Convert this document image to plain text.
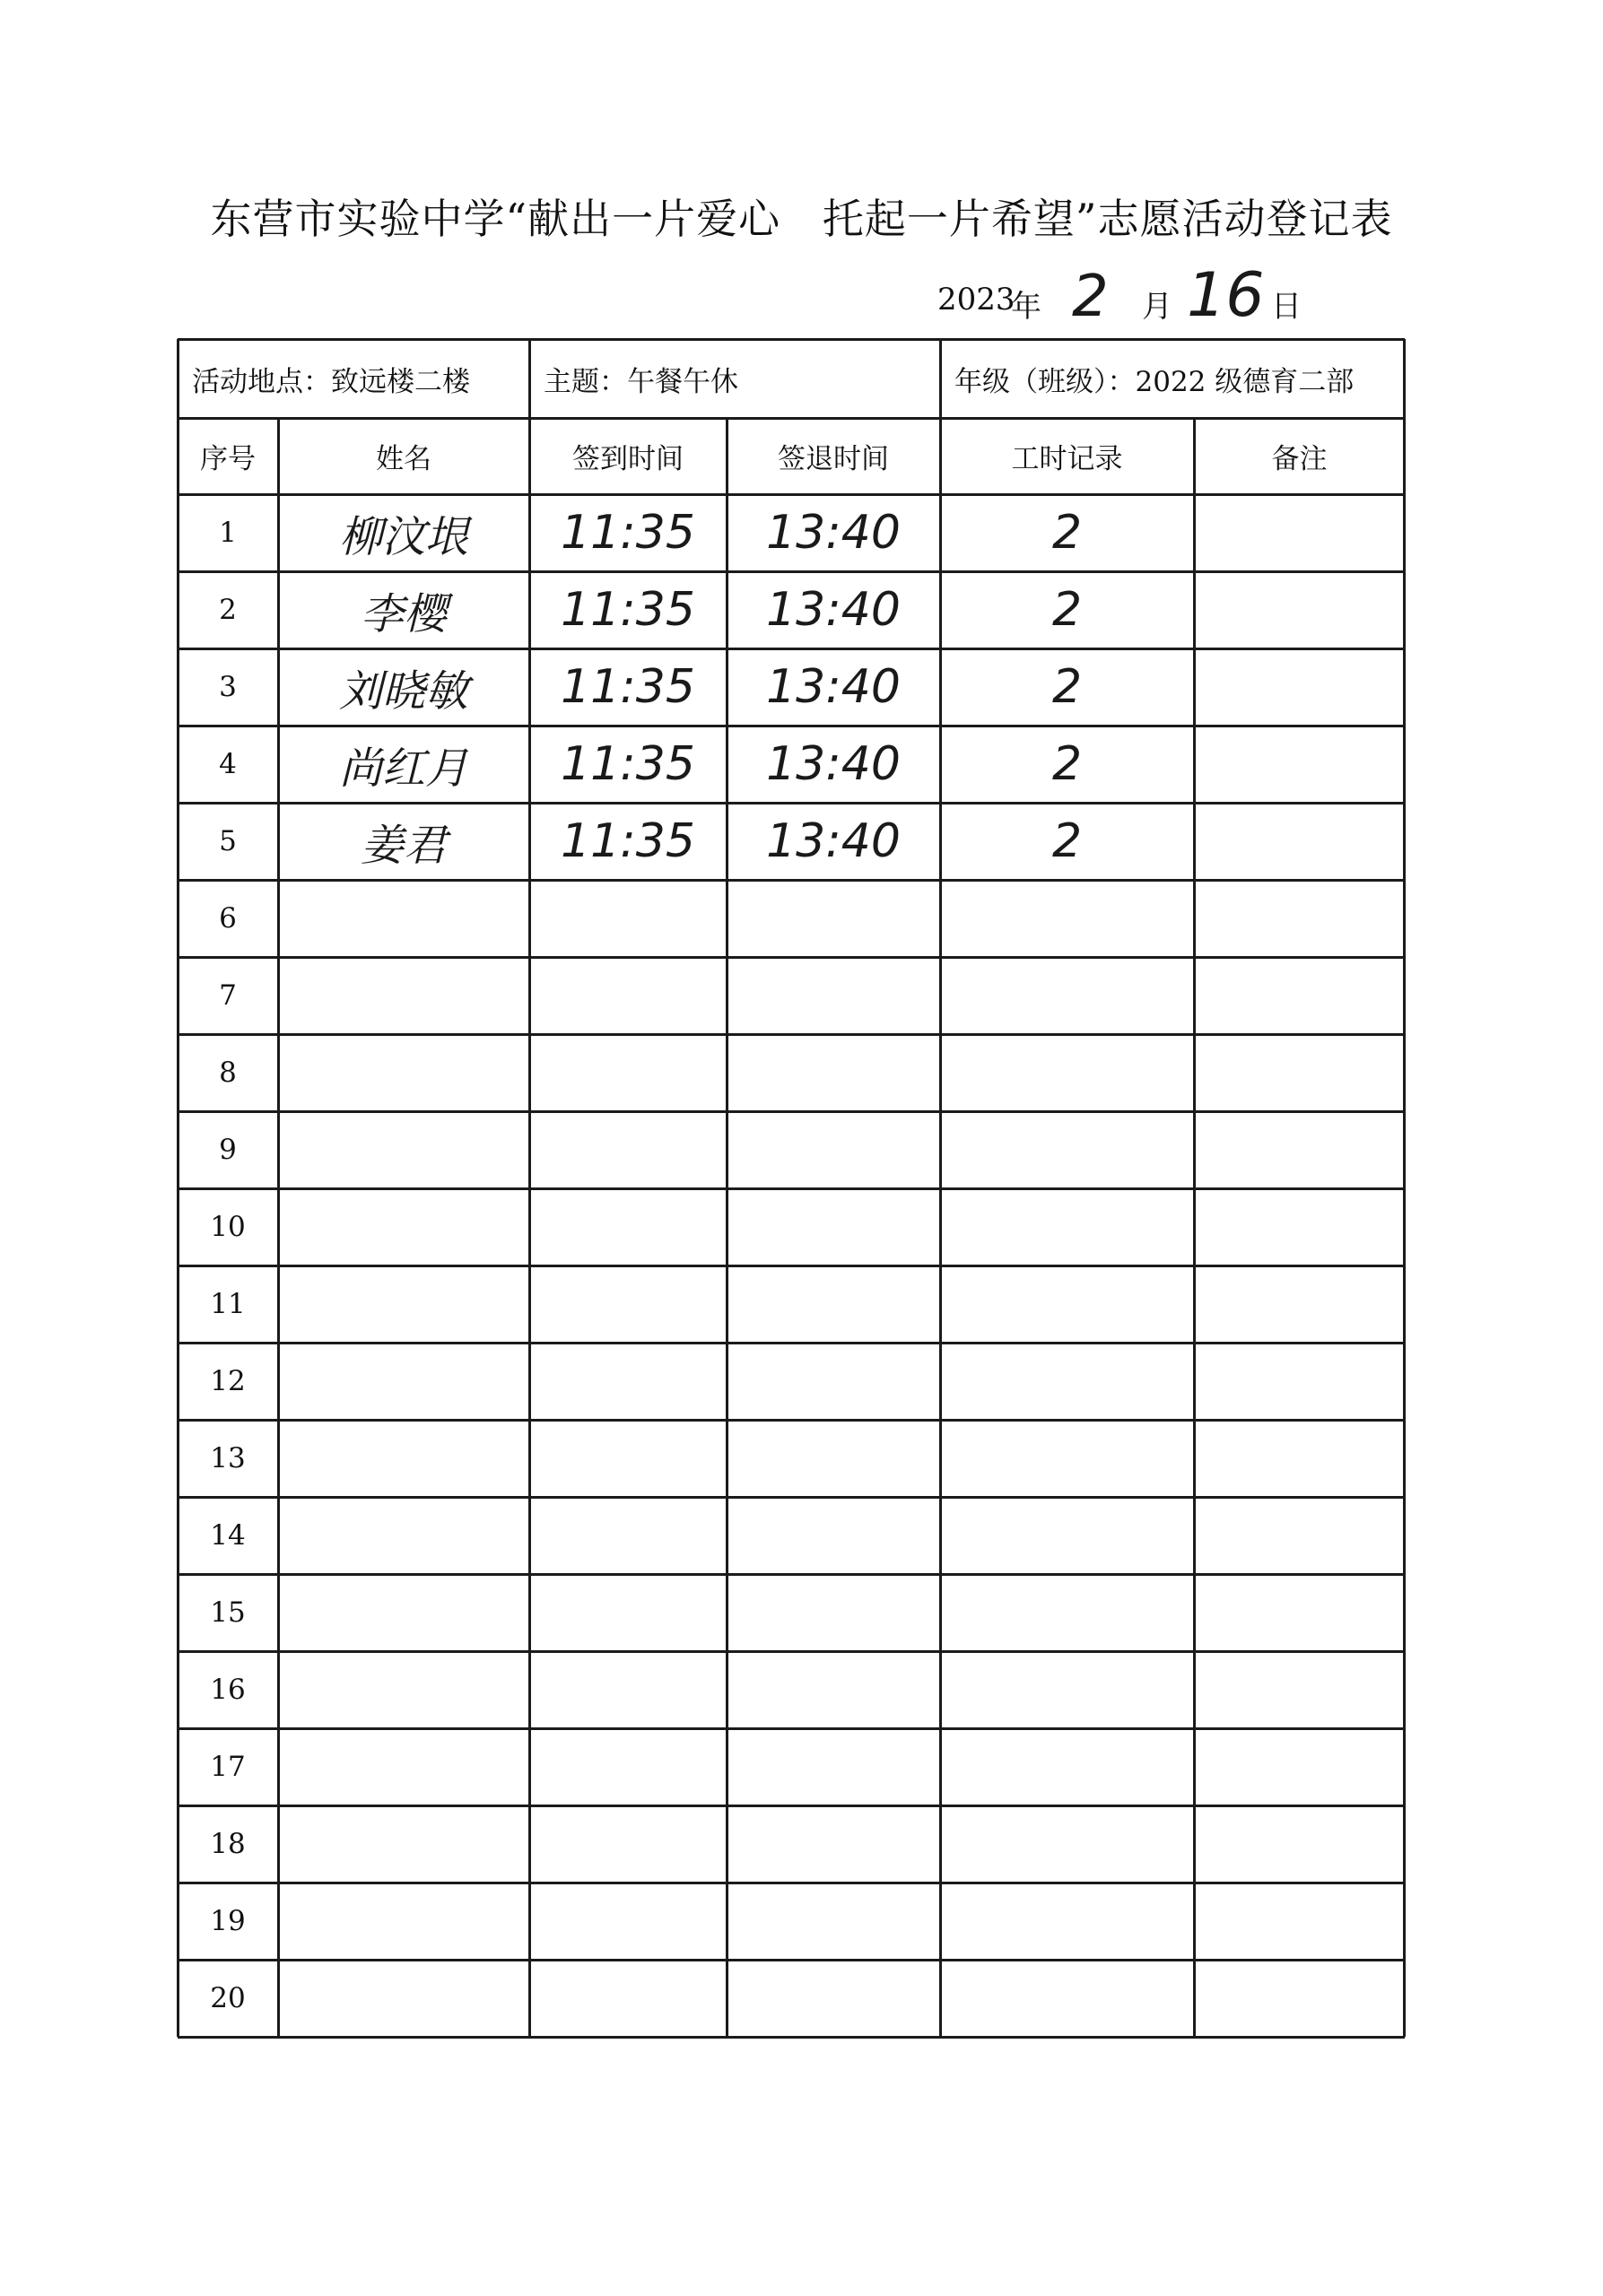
东营市实验中学“献出一片爱心   托起一片希望”志愿活动登记表
2023
年 2 月 16 日
活动地点：致远楼二楼	主题：午餐午休	年级（班级）：2022 级德育二部
序号	姓名	签到时间	签退时间	工时记录	备注
1	柳汶垠	11:35	13:40	2
2	李樱	11:35	13:40	2
3	刘晓敏	11:35	13:40	2
4	尚红月	11:35	13:40	2
5	姜君	11:35	13:40	2
6
7
8
9
10
11
12
13
14
15
16
17
18
19
20
